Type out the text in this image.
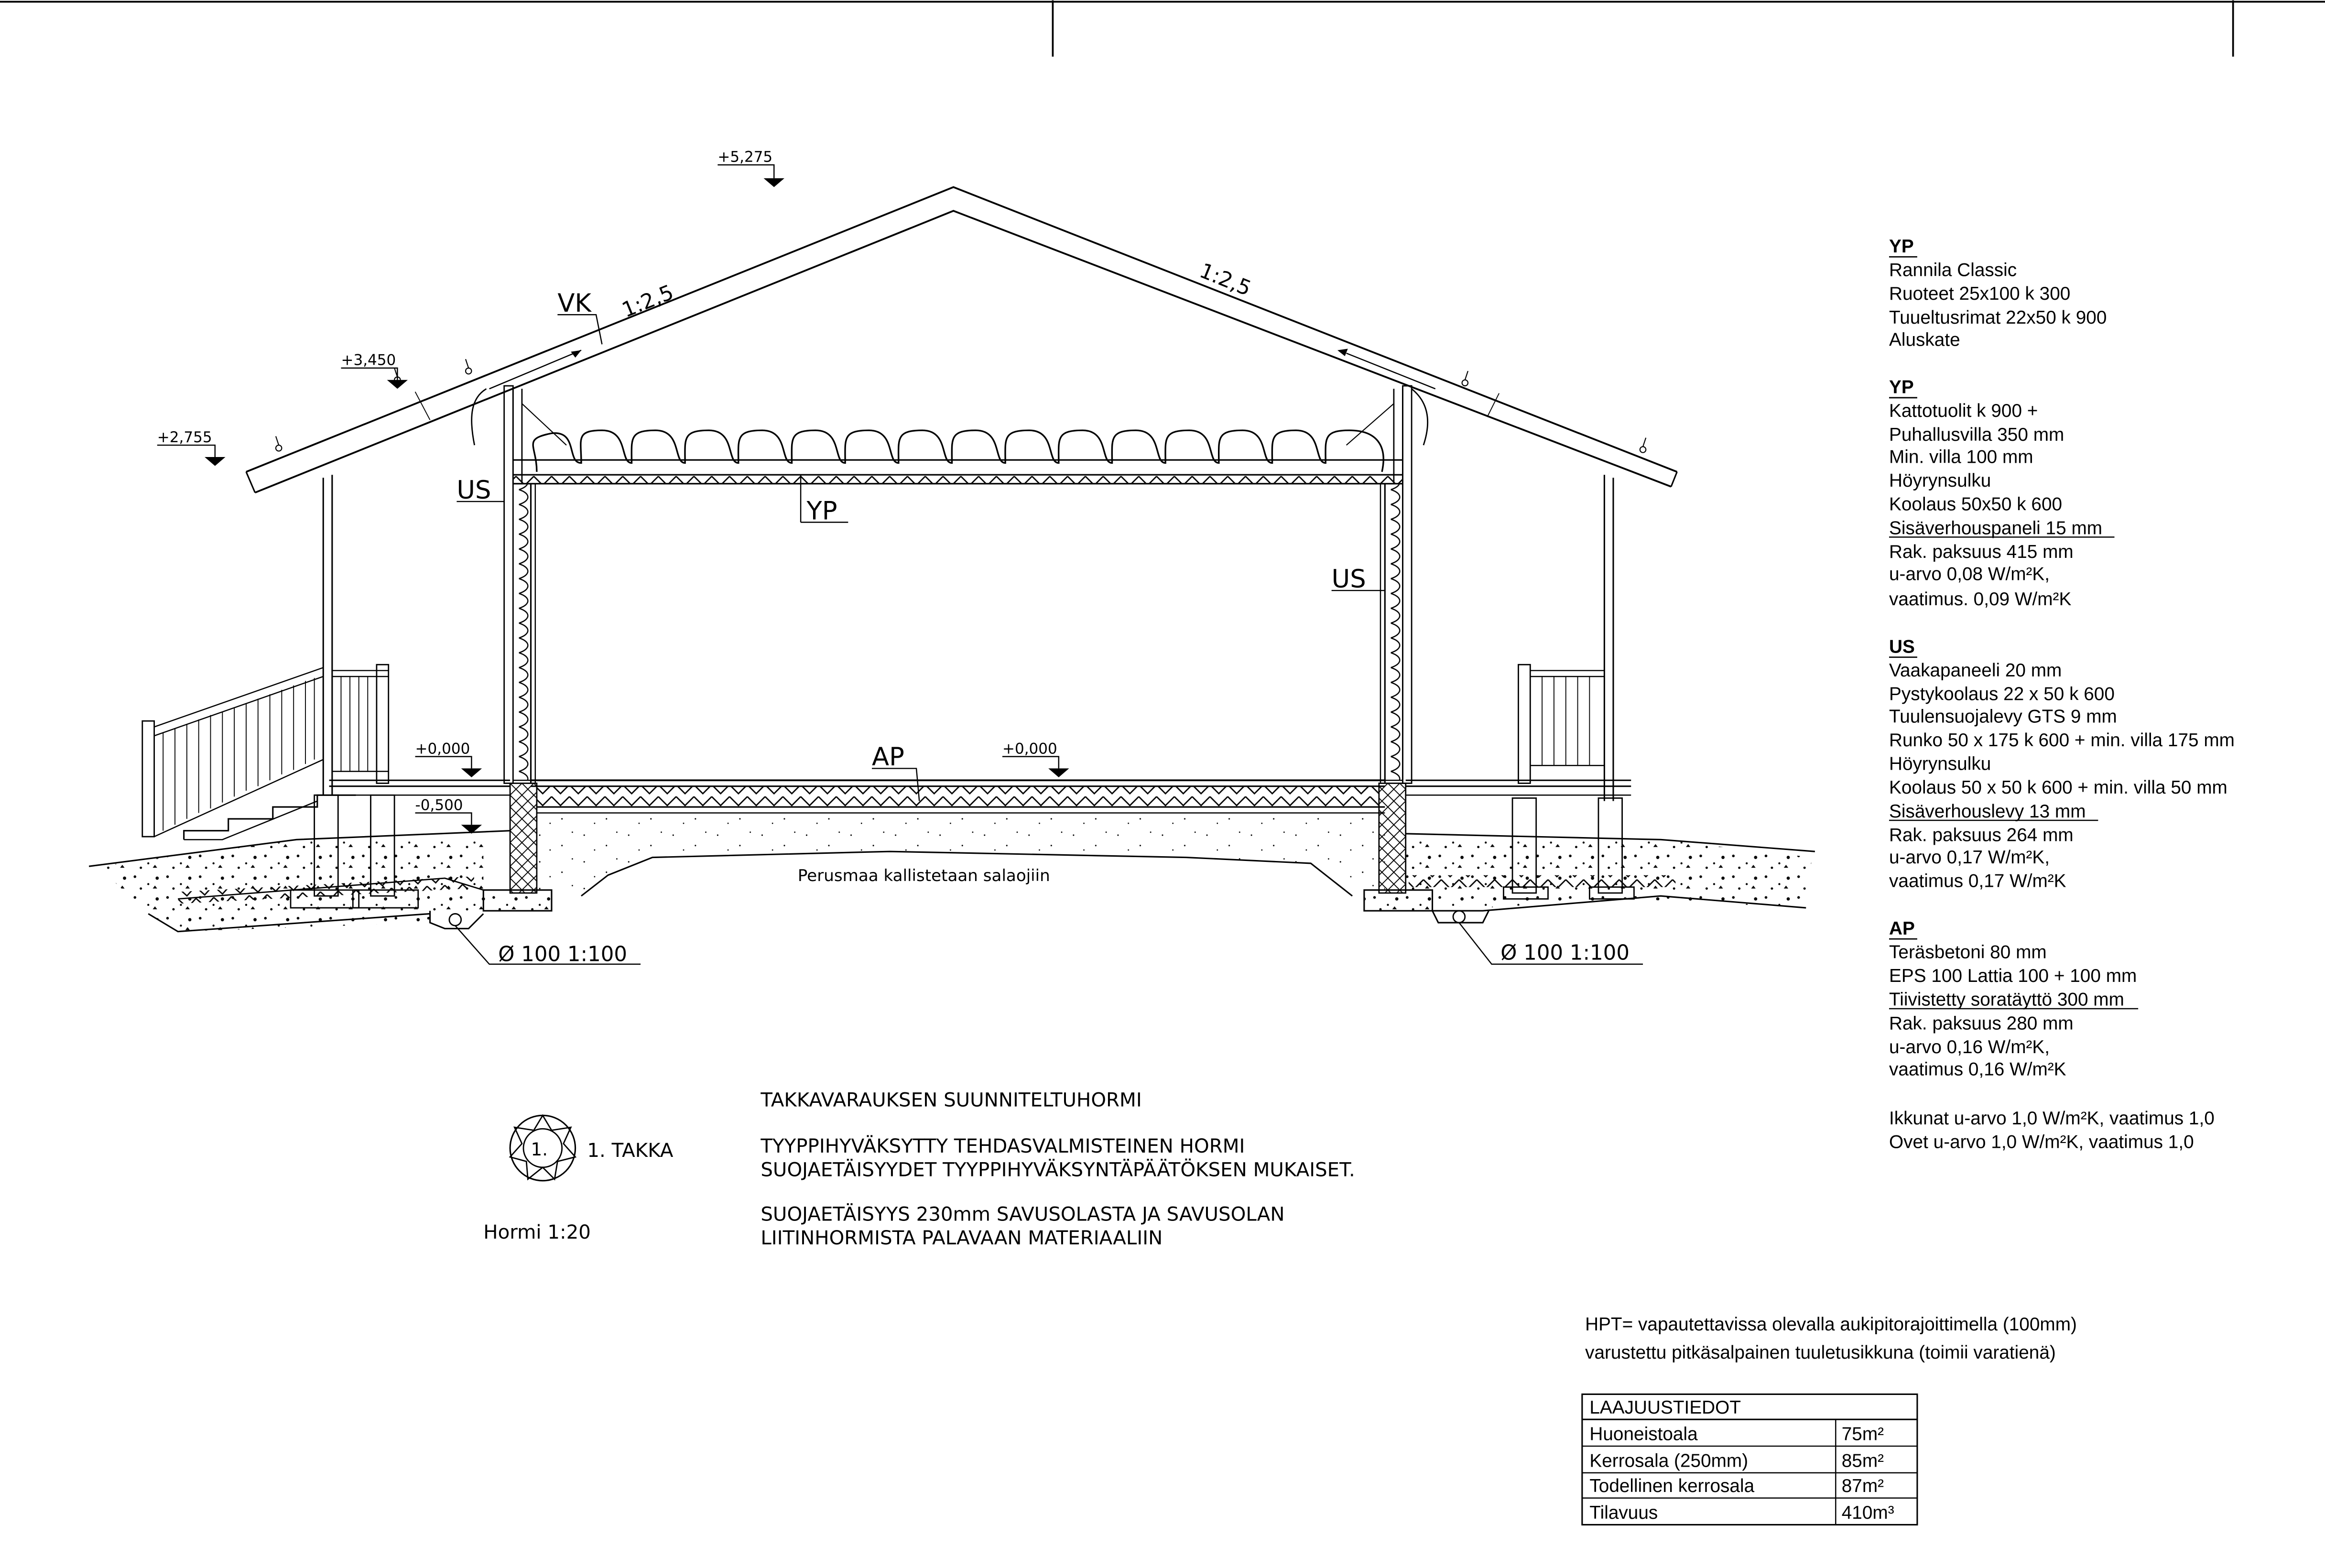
+5,275
+3,450
+2,755
+0,000	+0,000
-0,500
1:2,5
1:2,5
VK
YP
US
US
AP
Perusmaa kallistetaan salaojiin
Ø 100 1:100	Ø 100 1:100
1.	1. TAKKA
Hormi 1:20
TAKKAVARAUKSEN SUUNNITELTUHORMI
TYYPPIHYVÄKSYTTY TEHDASVALMISTEINEN HORMI
SUOJAETÄISYYDET TYYPPIHYVÄKSYNTÄPÄÄTÖKSEN MUKAISET.
SUOJAETÄISYYS 230mm SAVUSOLASTA JA SAVUSOLAN
LIITINHORMISTA PALAVAAN MATERIAALIIN
YP
Rannila Classic
Ruoteet 25x100 k 300
Tuueltusrimat 22x50 k 900
Aluskate
YP
Kattotuolit k 900 +
Puhallusvilla 350 mm
Min. villa 100 mm
Höyrynsulku
Koolaus 50x50 k 600
Sisäverhouspaneli 15 mm
Rak. paksuus 415 mm
u-arvo 0,08 W/m²K,
vaatimus. 0,09 W/m²K
US
Vaakapaneeli 20 mm
Pystykoolaus 22 x 50 k 600
Tuulensuojalevy GTS 9 mm
Runko 50 x 175 k 600 + min. villa 175 mm
Höyrynsulku
Koolaus 50 x 50 k 600 + min. villa 50 mm
Sisäverhouslevy 13 mm
Rak. paksuus 264 mm
u-arvo 0,17 W/m²K,
vaatimus 0,17 W/m²K
AP
Teräsbetoni 80 mm
EPS 100 Lattia 100 + 100 mm
Tiivistetty soratäyttö 300 mm
Rak. paksuus 280 mm
u-arvo 0,16 W/m²K,
vaatimus 0,16 W/m²K
Ikkunat u-arvo 1,0 W/m²K, vaatimus 1,0
Ovet u-arvo 1,0 W/m²K, vaatimus 1,0
HPT= vapautettavissa olevalla aukipitorajoittimella (100mm)
varustettu pitkäsalpainen tuuletusikkuna (toimii varatienä)
LAAJUUSTIEDOT
Huoneistoala	75m²
Kerrosala (250mm)	85m²
Todellinen kerrosala	87m²
Tilavuus	410m³
